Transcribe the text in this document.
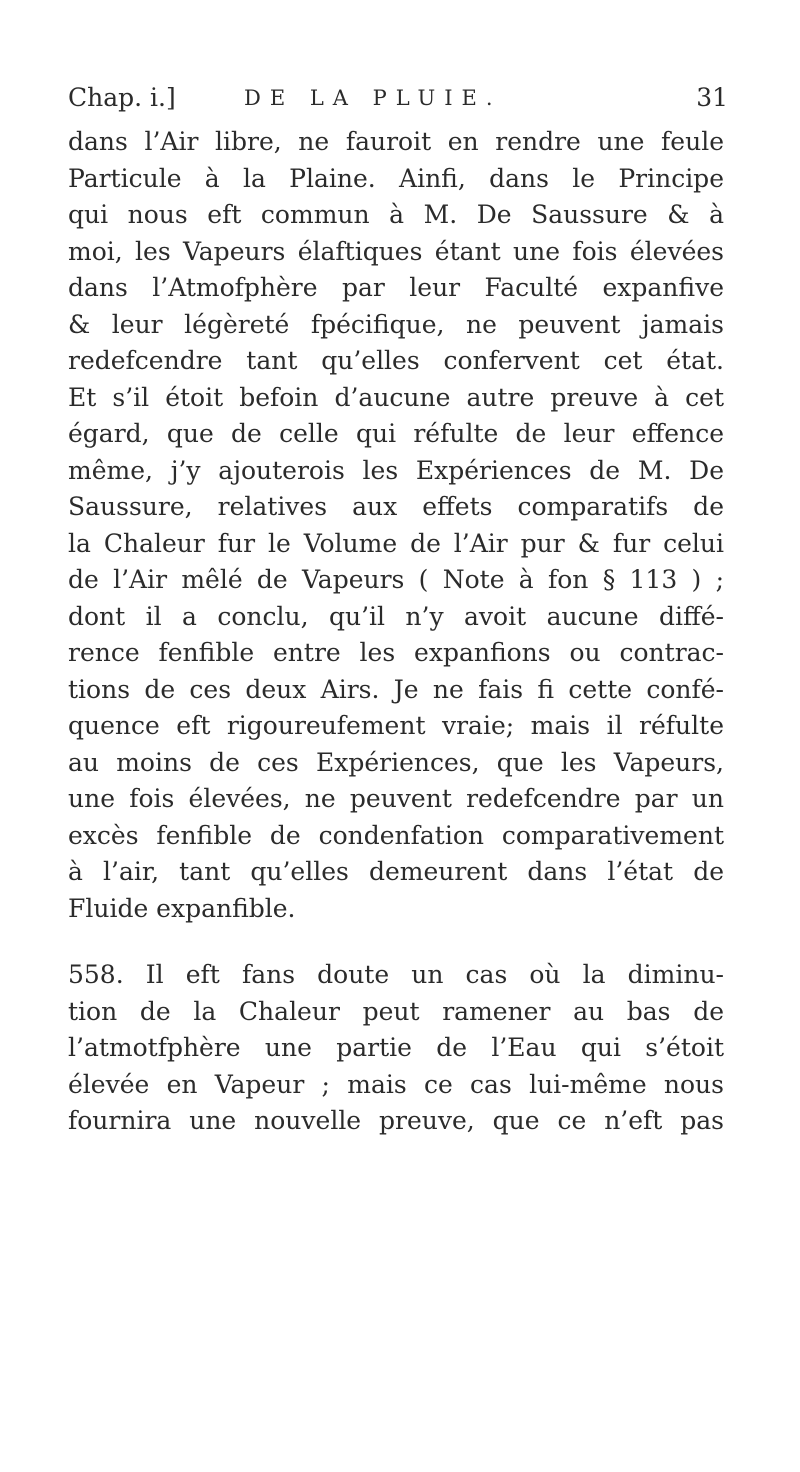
Chap. i.]	DE LA PLUIE.	31
dans l’Air libre, ne fauroit en rendre une feule
Particule à la Plaine. Ainfi, dans le Principe
qui nous eft commun à M. De Saussure & à
moi, les Vapeurs élaftiques étant une fois élevées
dans l’Atmofphère par leur Faculté expanfive
& leur légèreté fpécifique, ne peuvent jamais
redefcendre tant qu’elles confervent cet état.
Et s’il étoit befoin d’aucune autre preuve à cet
égard, que de celle qui réfulte de leur effence
même, j’y ajouterois les Expériences de M. De
Saussure, relatives aux effets comparatifs de
la Chaleur fur le Volume de l’Air pur & fur celui
de l’Air mêlé de Vapeurs ( Note à fon § 113 ) ;
dont il a conclu, qu’il n’y avoit aucune diffé-
rence fenfible entre les expanfions ou contrac-
tions de ces deux Airs. Je ne fais fi cette confé-
quence eft rigoureufement vraie; mais il réfulte
au moins de ces Expériences, que les Vapeurs,
une fois élevées, ne peuvent redefcendre par un
excès fenfible de condenfation comparativement
à l’air, tant qu’elles demeurent dans l’état de
Fluide expanfible.
558. Il eft fans doute un cas où la diminu-
tion de la Chaleur peut ramener au bas de
l’atmotfphère une partie de l’Eau qui s’étoit
élevée en Vapeur ; mais ce cas lui-même nous
fournira une nouvelle preuve, que ce n’eft pas
